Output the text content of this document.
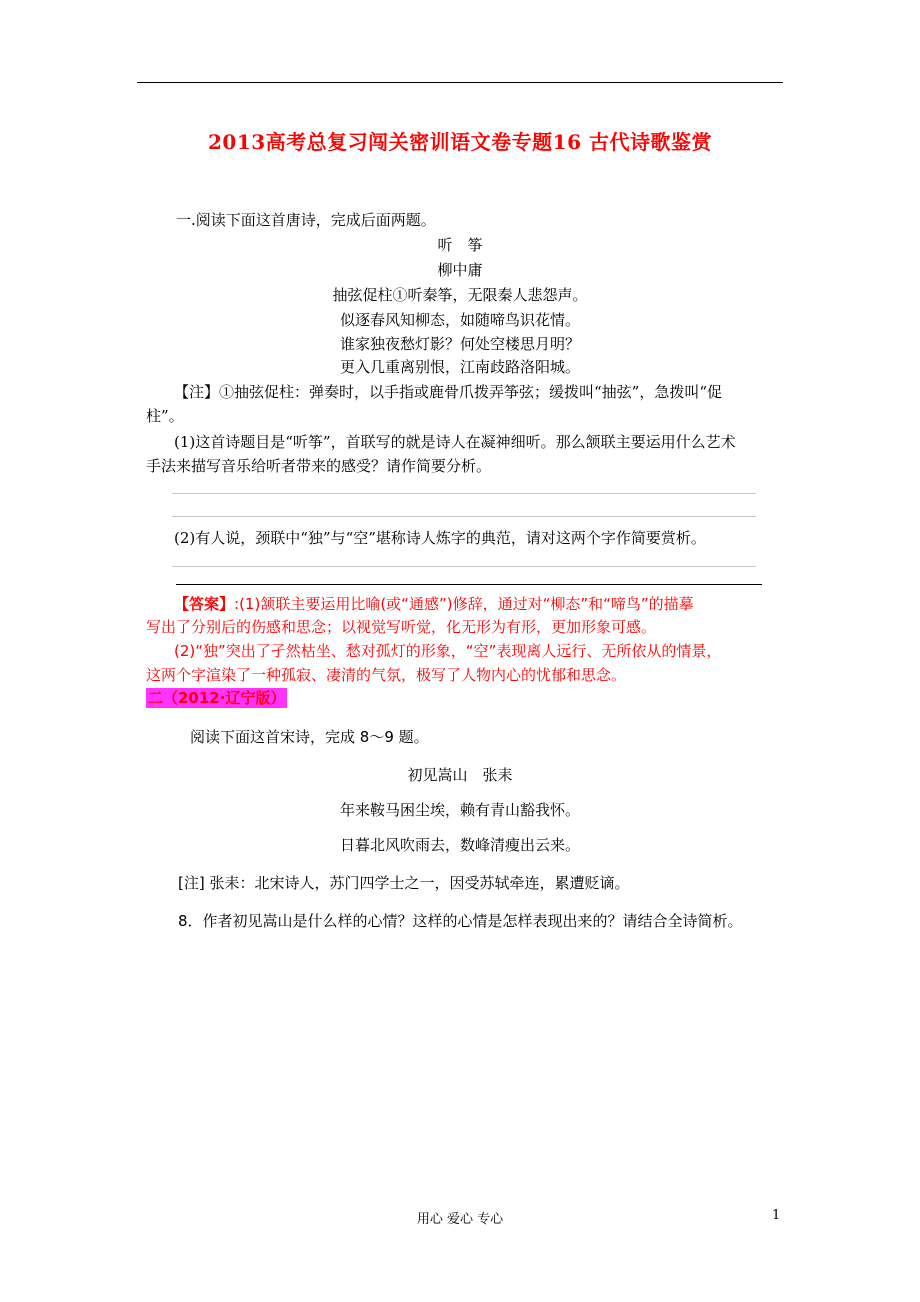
2013高考总复习闯关密训语文卷专题16 古代诗歌鉴赏
一.阅读下面这首唐诗，完成后面两题。
听　筝
柳中庸
抽弦促柱①听秦筝，无限秦人悲怨声。
似逐春风知柳态，如随啼鸟识花情。
谁家独夜愁灯影？何处空楼思月明？
更入几重离别恨，江南歧路洛阳城。
【注】①抽弦促柱：弹奏时，以手指或鹿骨爪拨弄筝弦；缓拨叫“抽弦”，急拨叫“促
柱”。
(1)这首诗题目是“听筝”，首联写的就是诗人在凝神细听。那么颔联主要运用什么艺术
手法来描写音乐给听者带来的感受？请作简要分析。
(2)有人说，颈联中“独”与“空”堪称诗人炼字的典范，请对这两个字作简要赏析。
【答案】:(1)颔联主要运用比喻(或“通感”)修辞，通过对“柳态”和“啼鸟”的描摹
写出了分别后的伤感和思念；以视觉写听觉，化无形为有形，更加形象可感。
(2)“独”突出了孑然枯坐、愁对孤灯的形象，“空”表现离人远行、无所依从的情景，
这两个字渲染了一种孤寂、凄清的气氛，极写了人物内心的忧郁和思念。
二（2012·辽宁版）
阅读下面这首宋诗，完成 8～9 题。
初见嵩山　张耒
年来鞍马困尘埃，赖有青山豁我怀。
日暮北风吹雨去，数峰清瘦出云来。
[注] 张耒：北宋诗人，苏门四学士之一，因受苏轼牵连，累遭贬谪。
8．作者初见嵩山是什么样的心情？这样的心情是怎样表现出来的？请结合全诗简析。
用心 爱心 专心	1
